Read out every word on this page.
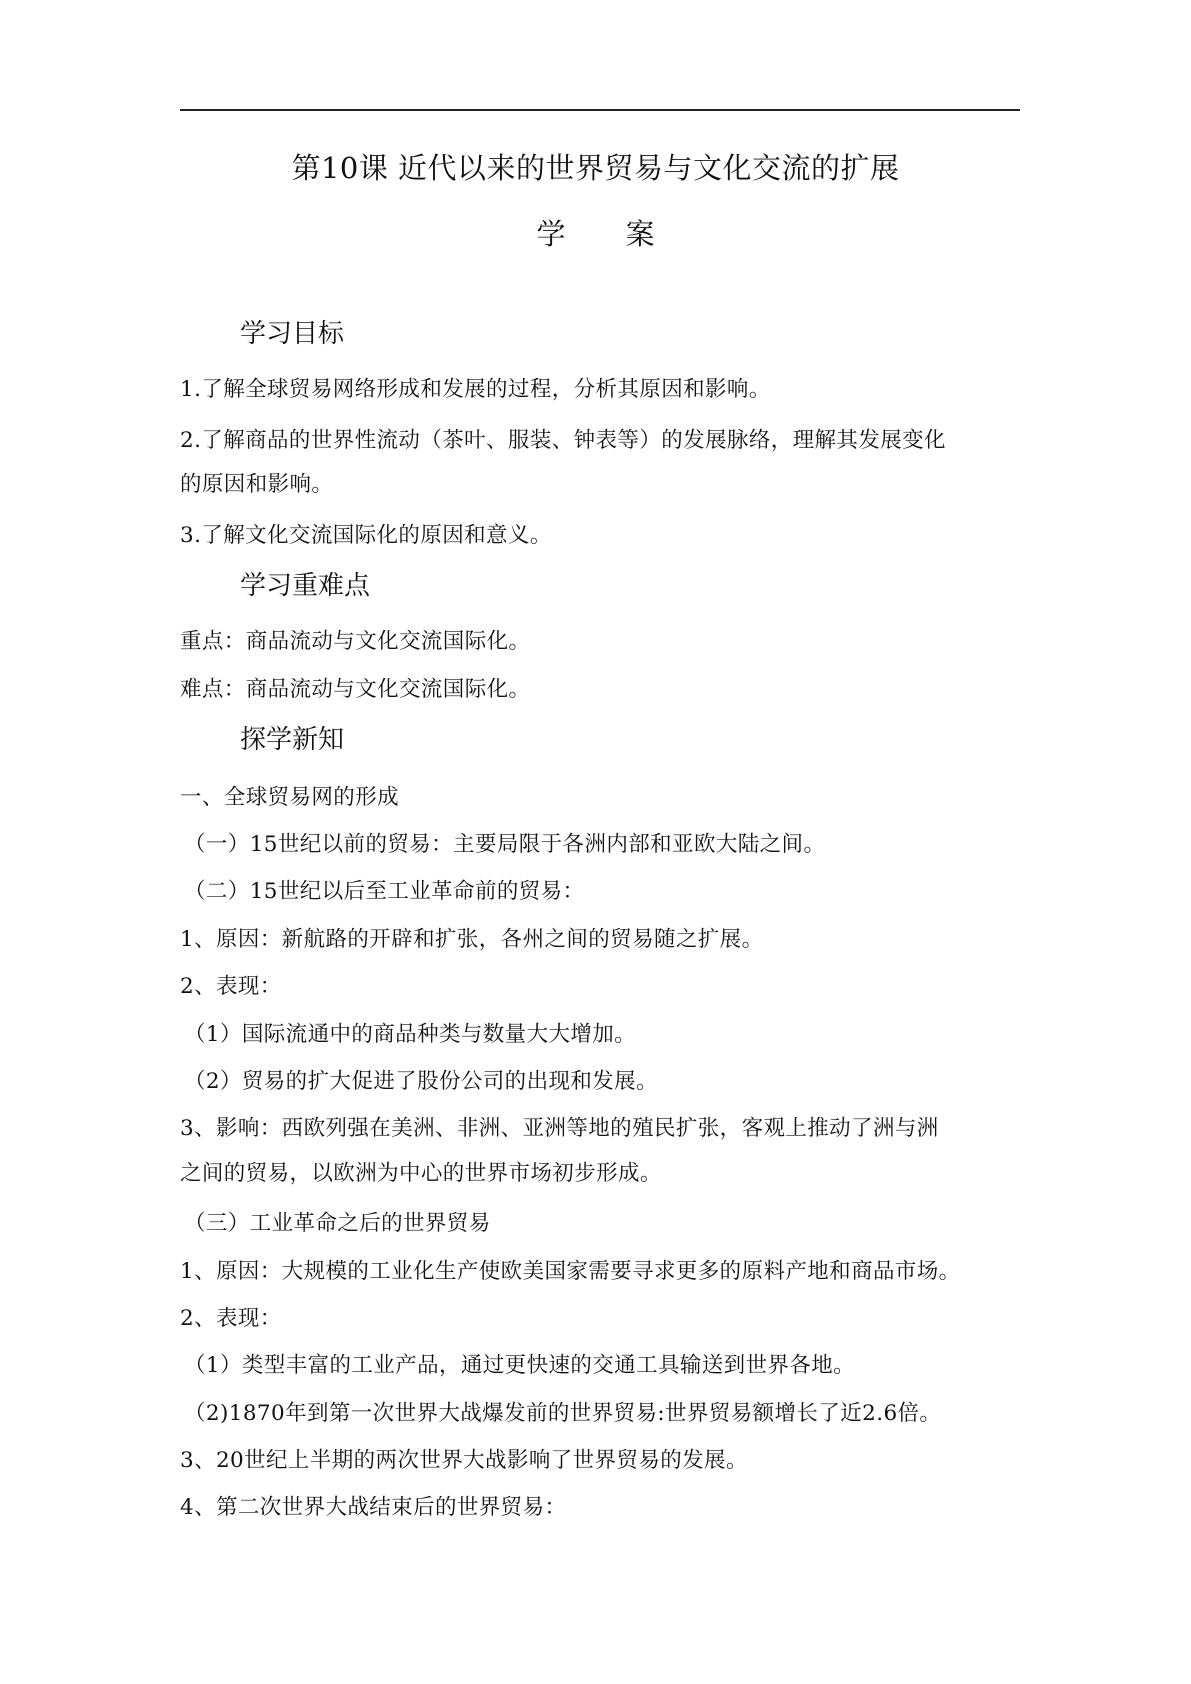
第10课 近代以来的世界贸易与文化交流的扩展
学 案
学习目标
1.了解全球贸易网络形成和发展的过程，分析其原因和影响。
2.了解商品的世界性流动（茶叶、服装、钟表等）的发展脉络，理解其发展变化
的原因和影响。
3.了解文化交流国际化的原因和意义。
学习重难点
重点：商品流动与文化交流国际化。
难点：商品流动与文化交流国际化。
探学新知
一、全球贸易网的形成
（一）15世纪以前的贸易：主要局限于各洲内部和亚欧大陆之间。
（二）15世纪以后至工业革命前的贸易：
1、原因：新航路的开辟和扩张，各州之间的贸易随之扩展。
2、表现：
（1）国际流通中的商品种类与数量大大增加。
（2）贸易的扩大促进了股份公司的出现和发展。
3、影响：西欧列强在美洲、非洲、亚洲等地的殖民扩张，客观上推动了洲与洲
之间的贸易，以欧洲为中心的世界市场初步形成。
（三）工业革命之后的世界贸易
1、原因：大规模的工业化生产使欧美国家需要寻求更多的原料产地和商品市场。
2、表现：
（1）类型丰富的工业产品，通过更快速的交通工具输送到世界各地。
（2)1870年到第一次世界大战爆发前的世界贸易:世界贸易额增长了近2.6倍。
3、20世纪上半期的两次世界大战影响了世界贸易的发展。
4、第二次世界大战结束后的世界贸易：
